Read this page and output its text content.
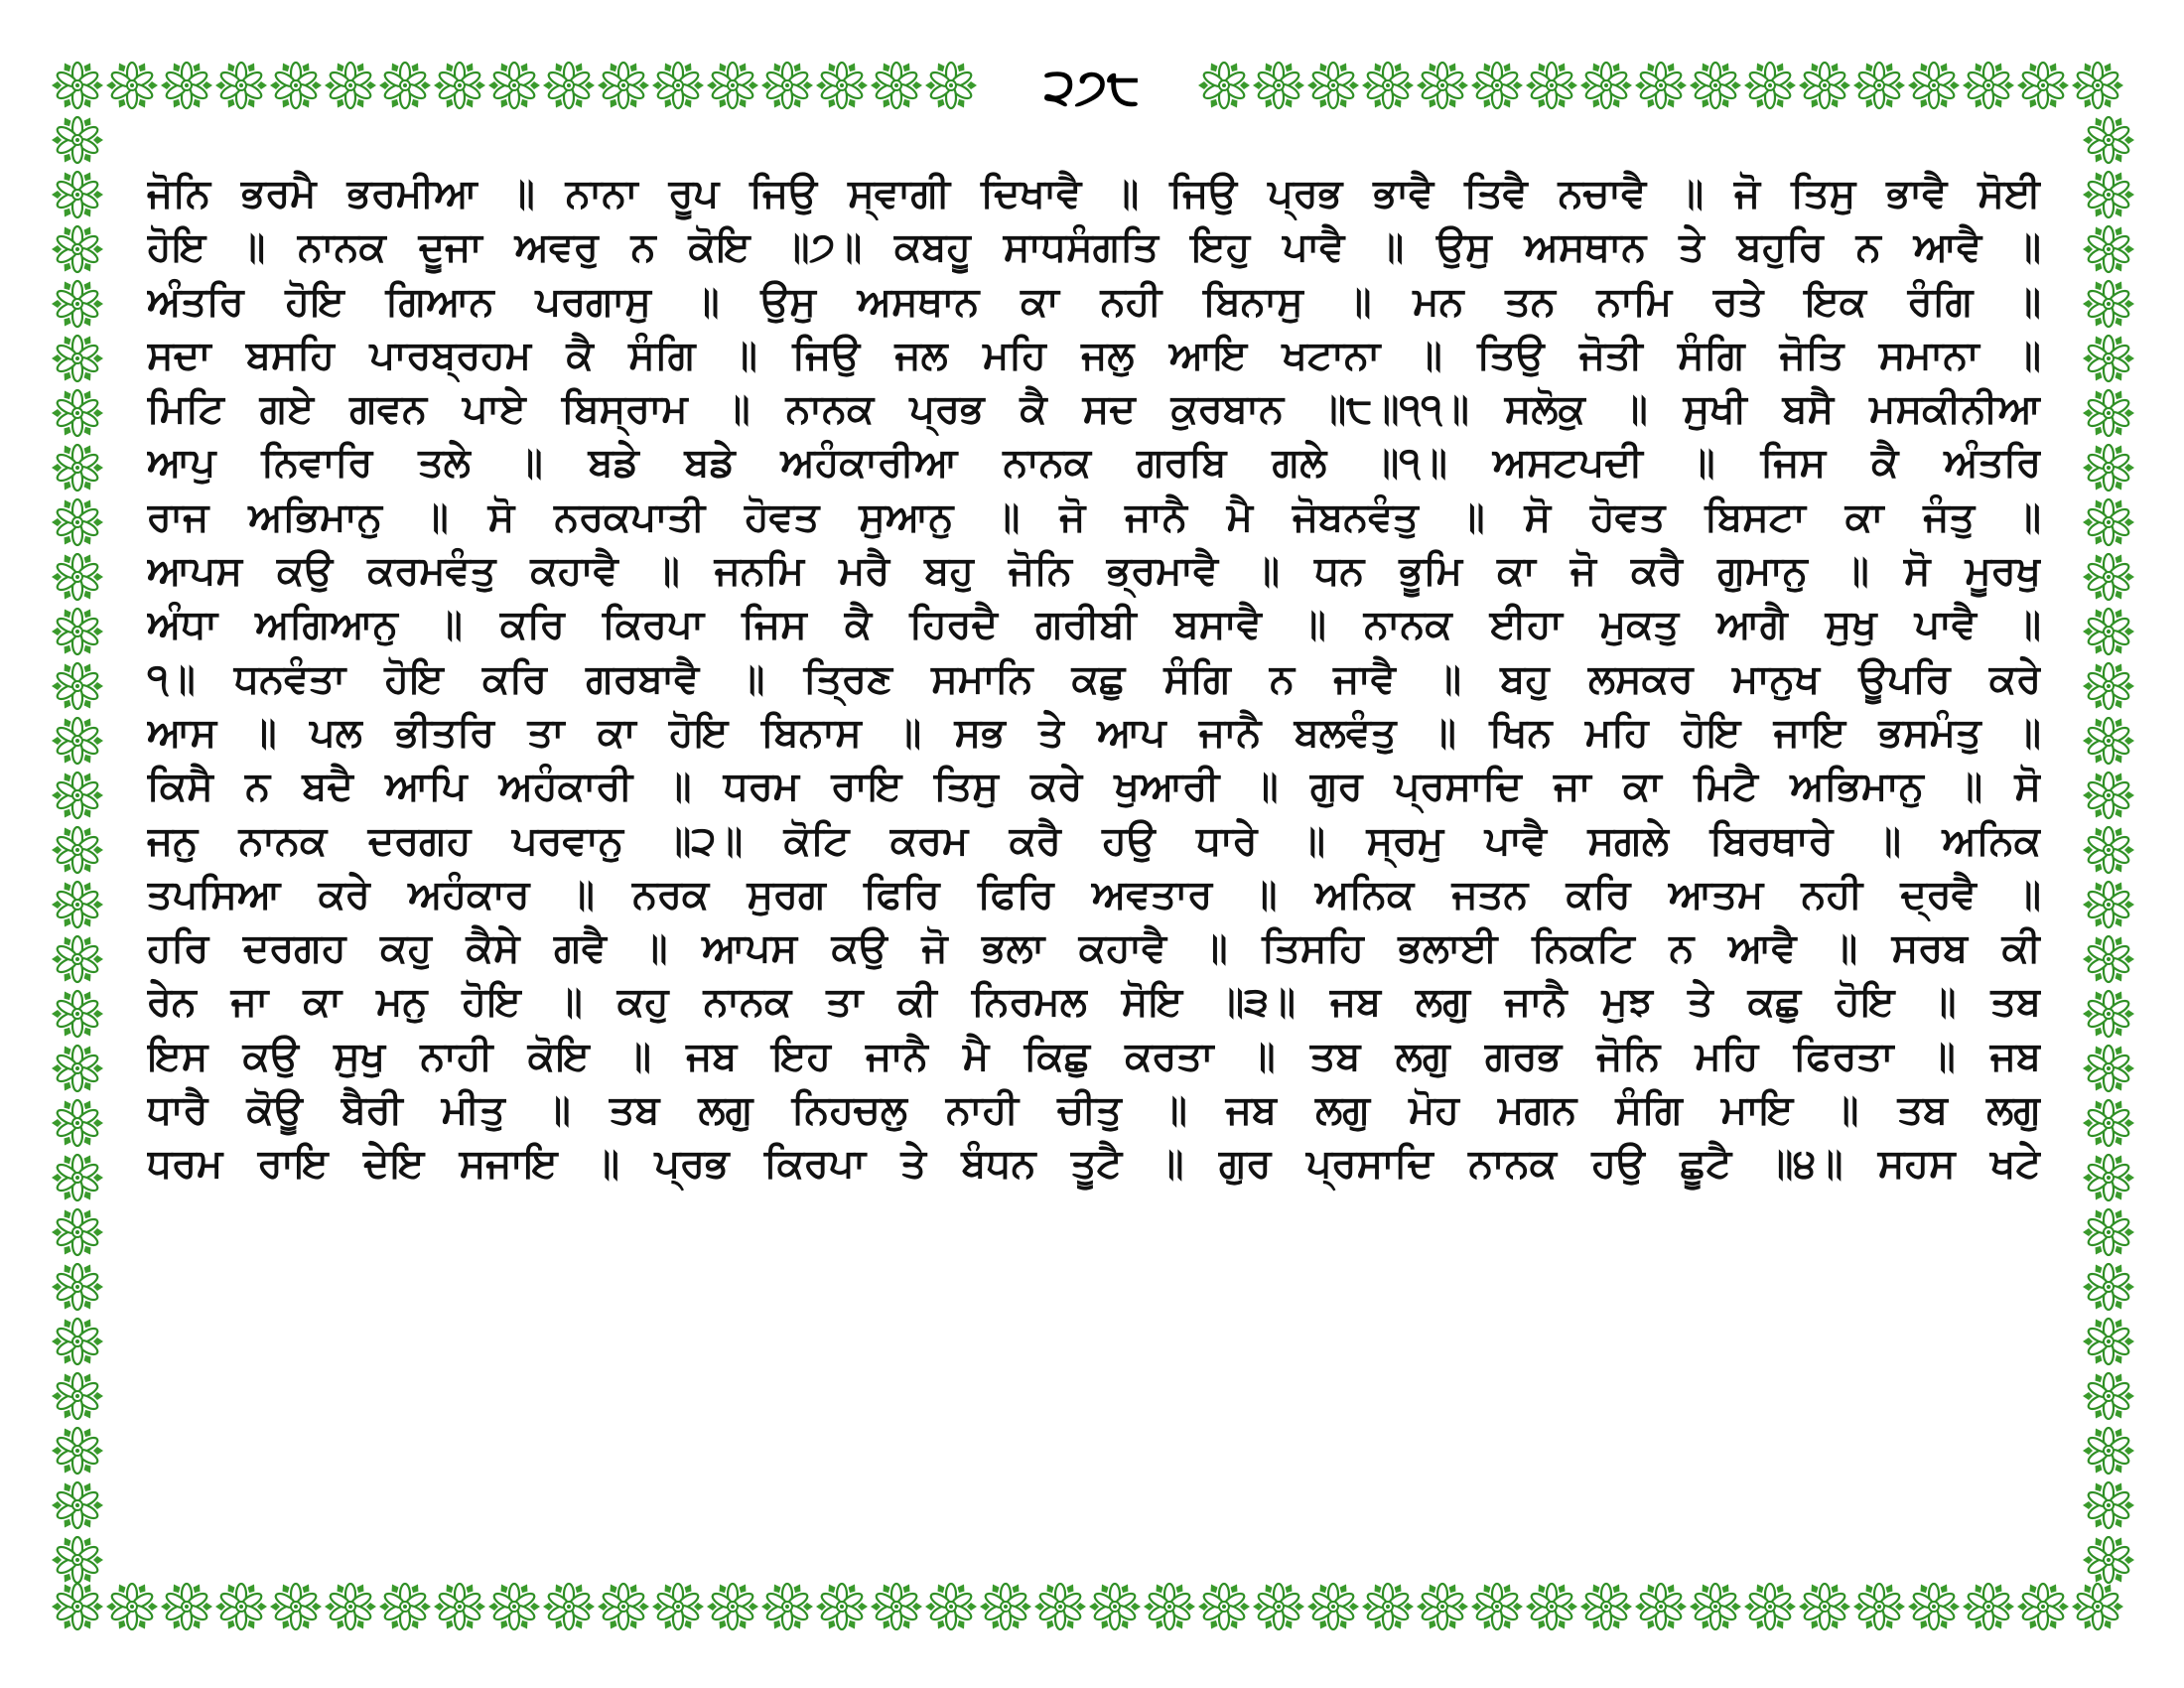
੨੭੮
ਜੋਨਿ ਭਰਮੈ ਭਰਮੀਆ ॥ ਨਾਨਾ ਰੂਪ ਜਿਉ ਸ੍ਵਾਗੀ ਦਿਖਾਵੈ ॥ ਜਿਉ ਪ੍ਰਭ ਭਾਵੈ ਤਿਵੈ ਨਚਾਵੈ ॥ ਜੋ ਤਿਸੁ ਭਾਵੈ ਸੋਈ
ਹੋਇ ॥ ਨਾਨਕ ਦੂਜਾ ਅਵਰੁ ਨ ਕੋਇ ॥੭॥ ਕਬਹੂ ਸਾਧਸੰਗਤਿ ਇਹੁ ਪਾਵੈ ॥ ਉਸੁ ਅਸਥਾਨ ਤੇ ਬਹੁਰਿ ਨ ਆਵੈ ॥
ਅੰਤਰਿ ਹੋਇ ਗਿਆਨ ਪਰਗਾਸੁ ॥ ਉਸੁ ਅਸਥਾਨ ਕਾ ਨਹੀ ਬਿਨਾਸੁ ॥ ਮਨ ਤਨ ਨਾਮਿ ਰਤੇ ਇਕ ਰੰਗਿ ॥
ਸਦਾ ਬਸਹਿ ਪਾਰਬ੍ਰਹਮ ਕੈ ਸੰਗਿ ॥ ਜਿਉ ਜਲ ਮਹਿ ਜਲੁ ਆਇ ਖਟਾਨਾ ॥ ਤਿਉ ਜੋਤੀ ਸੰਗਿ ਜੋਤਿ ਸਮਾਨਾ ॥
ਮਿਟਿ ਗਏ ਗਵਨ ਪਾਏ ਬਿਸ੍ਰਾਮ ॥ ਨਾਨਕ ਪ੍ਰਭ ਕੈ ਸਦ ਕੁਰਬਾਨ ॥੮॥੧੧॥ ਸਲੋਕੁ ॥ ਸੁਖੀ ਬਸੈ ਮਸਕੀਨੀਆ
ਆਪੁ ਨਿਵਾਰਿ ਤਲੇ ॥ ਬਡੇ ਬਡੇ ਅਹੰਕਾਰੀਆ ਨਾਨਕ ਗਰਬਿ ਗਲੇ ॥੧॥ ਅਸਟਪਦੀ ॥ ਜਿਸ ਕੈ ਅੰਤਰਿ
ਰਾਜ ਅਭਿਮਾਨੁ ॥ ਸੋ ਨਰਕਪਾਤੀ ਹੋਵਤ ਸੁਆਨੁ ॥ ਜੋ ਜਾਨੈ ਮੈ ਜੋਬਨਵੰਤੁ ॥ ਸੋ ਹੋਵਤ ਬਿਸਟਾ ਕਾ ਜੰਤੁ ॥
ਆਪਸ ਕਉ ਕਰਮਵੰਤੁ ਕਹਾਵੈ ॥ ਜਨਮਿ ਮਰੈ ਬਹੁ ਜੋਨਿ ਭ੍ਰਮਾਵੈ ॥ ਧਨ ਭੂਮਿ ਕਾ ਜੋ ਕਰੈ ਗੁਮਾਨੁ ॥ ਸੋ ਮੂਰਖੁ
ਅੰਧਾ ਅਗਿਆਨੁ ॥ ਕਰਿ ਕਿਰਪਾ ਜਿਸ ਕੈ ਹਿਰਦੈ ਗਰੀਬੀ ਬਸਾਵੈ ॥ ਨਾਨਕ ਈਹਾ ਮੁਕਤੁ ਆਗੈ ਸੁਖੁ ਪਾਵੈ ॥
੧॥ ਧਨਵੰਤਾ ਹੋਇ ਕਰਿ ਗਰਬਾਵੈ ॥ ਤ੍ਰਿਣ ਸਮਾਨਿ ਕਛੁ ਸੰਗਿ ਨ ਜਾਵੈ ॥ ਬਹੁ ਲਸਕਰ ਮਾਨੁਖ ਊਪਰਿ ਕਰੇ
ਆਸ ॥ ਪਲ ਭੀਤਰਿ ਤਾ ਕਾ ਹੋਇ ਬਿਨਾਸ ॥ ਸਭ ਤੇ ਆਪ ਜਾਨੈ ਬਲਵੰਤੁ ॥ ਖਿਨ ਮਹਿ ਹੋਇ ਜਾਇ ਭਸਮੰਤੁ ॥
ਕਿਸੈ ਨ ਬਦੈ ਆਪਿ ਅਹੰਕਾਰੀ ॥ ਧਰਮ ਰਾਇ ਤਿਸੁ ਕਰੇ ਖੁਆਰੀ ॥ ਗੁਰ ਪ੍ਰਸਾਦਿ ਜਾ ਕਾ ਮਿਟੈ ਅਭਿਮਾਨੁ ॥ ਸੋ
ਜਨੁ ਨਾਨਕ ਦਰਗਹ ਪਰਵਾਨੁ ॥੨॥ ਕੋਟਿ ਕਰਮ ਕਰੈ ਹਉ ਧਾਰੇ ॥ ਸ੍ਰਮੁ ਪਾਵੈ ਸਗਲੇ ਬਿਰਥਾਰੇ ॥ ਅਨਿਕ
ਤਪਸਿਆ ਕਰੇ ਅਹੰਕਾਰ ॥ ਨਰਕ ਸੁਰਗ ਫਿਰਿ ਫਿਰਿ ਅਵਤਾਰ ॥ ਅਨਿਕ ਜਤਨ ਕਰਿ ਆਤਮ ਨਹੀ ਦ੍ਰਵੈ ॥
ਹਰਿ ਦਰਗਹ ਕਹੁ ਕੈਸੇ ਗਵੈ ॥ ਆਪਸ ਕਉ ਜੋ ਭਲਾ ਕਹਾਵੈ ॥ ਤਿਸਹਿ ਭਲਾਈ ਨਿਕਟਿ ਨ ਆਵੈ ॥ ਸਰਬ ਕੀ
ਰੇਨ ਜਾ ਕਾ ਮਨੁ ਹੋਇ ॥ ਕਹੁ ਨਾਨਕ ਤਾ ਕੀ ਨਿਰਮਲ ਸੋਇ ॥੩॥ ਜਬ ਲਗੁ ਜਾਨੈ ਮੁਝ ਤੇ ਕਛੁ ਹੋਇ ॥ ਤਬ
ਇਸ ਕਉ ਸੁਖੁ ਨਾਹੀ ਕੋਇ ॥ ਜਬ ਇਹ ਜਾਨੈ ਮੈ ਕਿਛੁ ਕਰਤਾ ॥ ਤਬ ਲਗੁ ਗਰਭ ਜੋਨਿ ਮਹਿ ਫਿਰਤਾ ॥ ਜਬ
ਧਾਰੈ ਕੋਊ ਬੈਰੀ ਮੀਤੁ ॥ ਤਬ ਲਗੁ ਨਿਹਚਲੁ ਨਾਹੀ ਚੀਤੁ ॥ ਜਬ ਲਗੁ ਮੋਹ ਮਗਨ ਸੰਗਿ ਮਾਇ ॥ ਤਬ ਲਗੁ
ਧਰਮ ਰਾਇ ਦੇਇ ਸਜਾਇ ॥ ਪ੍ਰਭ ਕਿਰਪਾ ਤੇ ਬੰਧਨ ਤੂਟੈ ॥ ਗੁਰ ਪ੍ਰਸਾਦਿ ਨਾਨਕ ਹਉ ਛੂਟੈ ॥੪॥ ਸਹਸ ਖਟੇ
